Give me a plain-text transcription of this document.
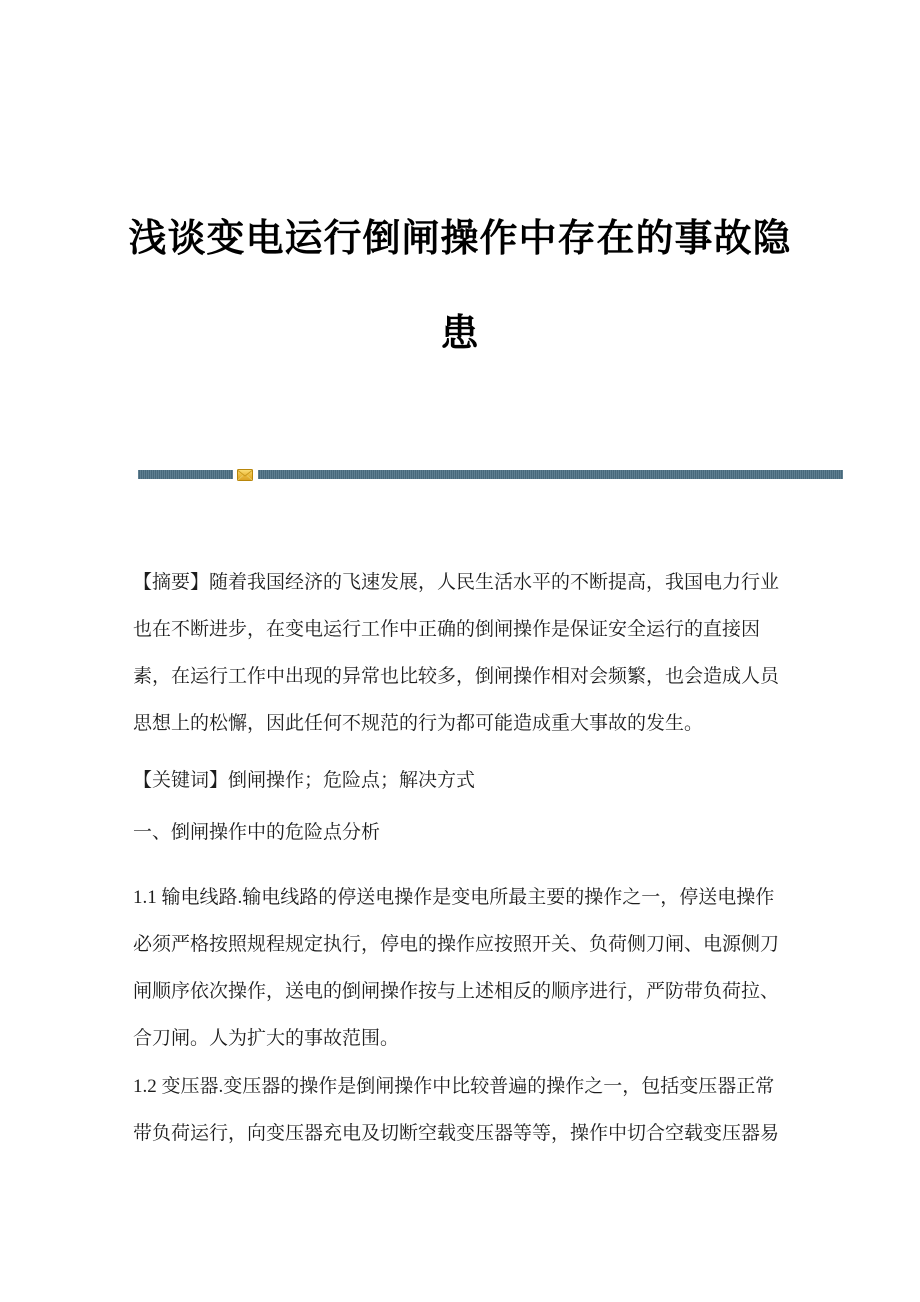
浅谈变电运行倒闸操作中存在的事故隐
患

【摘要】随着我国经济的飞速发展，人民生活水平的不断提高，我国电力行业
也在不断进步，在变电运行工作中正确的倒闸操作是保证安全运行的直接因
素，在运行工作中出现的异常也比较多，倒闸操作相对会频繁，也会造成人员
思想上的松懈，因此任何不规范的行为都可能造成重大事故的发生。

【关键词】倒闸操作；危险点；解决方式

一、倒闸操作中的危险点分析

1.1 输电线路.输电线路的停送电操作是变电所最主要的操作之一，停送电操作
必须严格按照规程规定执行，停电的操作应按照开关、负荷侧刀闸、电源侧刀
闸顺序依次操作，送电的倒闸操作按与上述相反的顺序进行，严防带负荷拉、
合刀闸。人为扩大的事故范围。

1.2 变压器.变压器的操作是倒闸操作中比较普遍的操作之一，包括变压器正常
带负荷运行，向变压器充电及切断空载变压器等等，操作中切合空载变压器易
